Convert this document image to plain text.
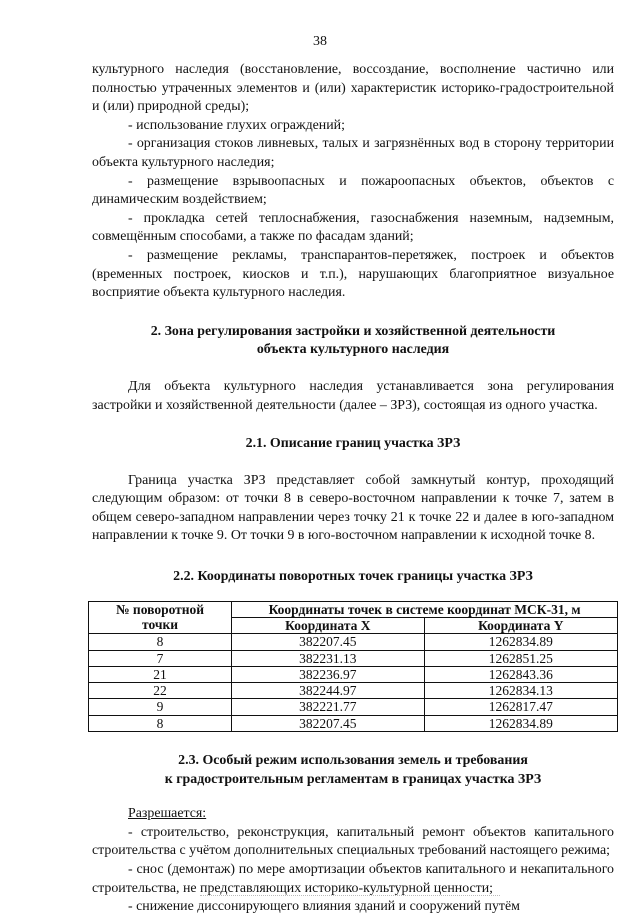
38

культурного наследия (восстановление, воссоздание, восполнение частично или полностью утраченных элементов и (или) характеристик историко-градостроительной и (или) природной среды);

- использование глухих ограждений;

- организация стоков ливневых, талых и загрязнённых вод в сторону территории объекта культурного наследия;

- размещение взрывоопасных и пожароопасных объектов, объектов с динамическим воздействием;

- прокладка сетей теплоснабжения, газоснабжения наземным, надземным, совмещённым способами, а также по фасадам зданий;

- размещение рекламы, транспарантов-перетяжек, построек и объектов (временных построек, киосков и т.п.), нарушающих благоприятное визуальное восприятие объекта культурного наследия.

2. Зона регулирования застройки и хозяйственной деятельности
объекта культурного наследия

Для объекта культурного наследия устанавливается зона регулирования застройки и хозяйственной деятельности (далее – ЗРЗ), состоящая из одного участка.

2.1. Описание границ участка ЗРЗ

Граница участка ЗРЗ представляет собой замкнутый контур, проходящий следующим образом: от точки 8 в северо-восточном направлении к точке 7, затем в общем северо-западном направлении через точку 21 к точке 22 и далее в юго-западном направлении к точке 9. От точки 9 в юго-восточном направлении к исходной точке 8.

2.2. Координаты поворотных точек границы участка ЗРЗ
№ поворотной
точки	Координаты точек в системе координат МСК-31, м	
	Координата X	Координата Y
8	382207.45	1262834.89
7	382231.13	1262851.25
21	382236.97	1262843.36
22	382244.97	1262834.13
9	382221.77	1262817.47
8	382207.45	1262834.89
2.3. Особый режим использования земель и требования
к градостроительным регламентам в границах участка ЗРЗ

Разрешается:

- строительство, реконструкция, капитальный ремонт объектов капитального строительства с учётом дополнительных специальных требований настоящего режима;

- снос (демонтаж) по мере амортизации объектов капитального и некапитального строительства, не представляющих историко-культурной ценности;

- снижение диссонирующего влияния зданий и сооружений путём
